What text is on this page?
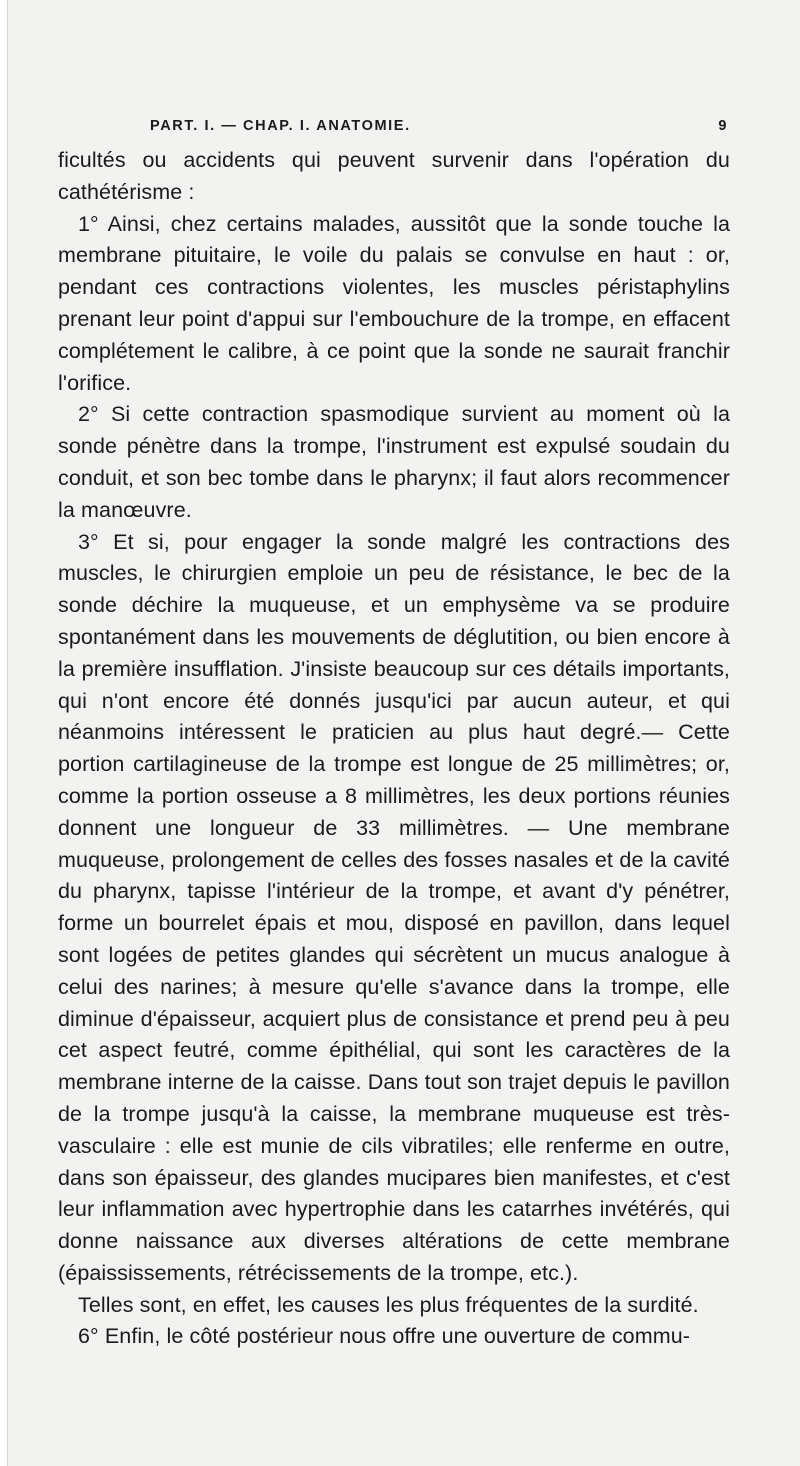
PART. I. — CHAP. I. ANATOMIE.	9

ficultés ou accidents qui peuvent survenir dans l'opération du cathétérisme :

1° Ainsi, chez certains malades, aussitôt que la sonde touche la membrane pituitaire, le voile du palais se convulse en haut : or, pendant ces contractions violentes, les muscles péristaphylins prenant leur point d'appui sur l'embouchure de la trompe, en effacent complétement le calibre, à ce point que la sonde ne saurait franchir l'orifice.

2° Si cette contraction spasmodique survient au moment où la sonde pénètre dans la trompe, l'instrument est expulsé soudain du conduit, et son bec tombe dans le pharynx; il faut alors recommencer la manœuvre.

3° Et si, pour engager la sonde malgré les contractions des muscles, le chirurgien emploie un peu de résistance, le bec de la sonde déchire la muqueuse, et un emphysème va se produire spontanément dans les mouvements de déglutition, ou bien encore à la première insufflation. J'insiste beaucoup sur ces détails importants, qui n'ont encore été donnés jusqu'ici par aucun auteur, et qui néanmoins intéressent le praticien au plus haut degré.— Cette portion cartilagineuse de la trompe est longue de 25 millimètres; or, comme la portion osseuse a 8 millimètres, les deux portions réunies donnent une longueur de 33 millimètres. — Une membrane muqueuse, prolongement de celles des fosses nasales et de la cavité du pharynx, tapisse l'intérieur de la trompe, et avant d'y pénétrer, forme un bourrelet épais et mou, disposé en pavillon, dans lequel sont logées de petites glandes qui sécrètent un mucus analogue à celui des narines; à mesure qu'elle s'avance dans la trompe, elle diminue d'épaisseur, acquiert plus de consistance et prend peu à peu cet aspect feutré, comme épithélial, qui sont les caractères de la membrane interne de la caisse. Dans tout son trajet depuis le pavillon de la trompe jusqu'à la caisse, la membrane muqueuse est très-vasculaire : elle est munie de cils vibratiles; elle renferme en outre, dans son épaisseur, des glandes mucipares bien manifestes, et c'est leur inflammation avec hypertrophie dans les catarrhes invétérés, qui donne naissance aux diverses altérations de cette membrane (épaississements, rétrécissements de la trompe, etc.).

Telles sont, en effet, les causes les plus fréquentes de la surdité.

6° Enfin, le côté postérieur nous offre une ouverture de commu-
